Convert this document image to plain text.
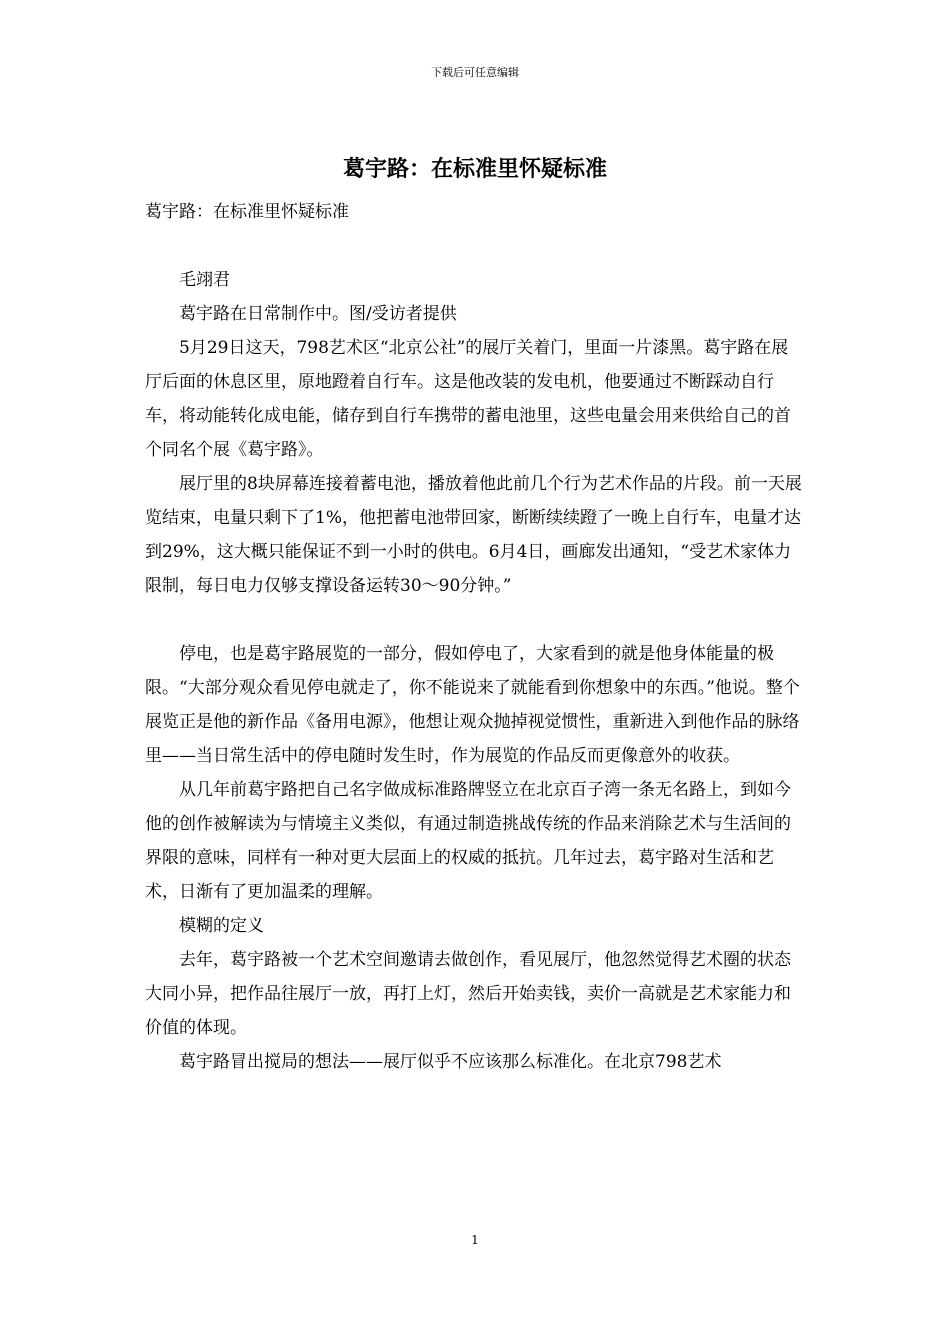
下载后可任意编辑
葛宇路：在标准里怀疑标准

葛宇路：在标准里怀疑标准

毛翊君

葛宇路在日常制作中。图/受访者提供

5月29日这天，798艺术区“北京公社”的展厅关着门，里面一片漆黑。葛宇路在展厅后面的休息区里，原地蹬着自行车。这是他改装的发电机，他要通过不断踩动自行车，将动能转化成电能，储存到自行车携带的蓄电池里，这些电量会用来供给自己的首个同名个展《葛宇路》。

展厅里的8块屏幕连接着蓄电池，播放着他此前几个行为艺术作品的片段。前一天展览结束，电量只剩下了1%，他把蓄电池带回家，断断续续蹬了一晚上自行车，电量才达到29%，这大概只能保证不到一小时的供电。6月4日，画廊发出通知，“受艺术家体力限制，每日电力仅够支撑设备运转30～90分钟。”

停电，也是葛宇路展览的一部分，假如停电了，大家看到的就是他身体能量的极限。“大部分观众看见停电就走了，你不能说来了就能看到你想象中的东西。”他说。整个展览正是他的新作品《备用电源》，他想让观众抛掉视觉惯性，重新进入到他作品的脉络里——当日常生活中的停电随时发生时，作为展览的作品反而更像意外的收获。

从几年前葛宇路把自己名字做成标准路牌竖立在北京百子湾一条无名路上，到如今他的创作被解读为与情境主义类似，有通过制造挑战传统的作品来消除艺术与生活间的界限的意味，同样有一种对更大层面上的权威的抵抗。几年过去，葛宇路对生活和艺术，日渐有了更加温柔的理解。

模糊的定义

去年，葛宇路被一个艺术空间邀请去做创作，看见展厅，他忽然觉得艺术圈的状态大同小异，把作品往展厅一放，再打上灯，然后开始卖钱，卖价一高就是艺术家能力和价值的体现。

葛宇路冒出搅局的想法——展厅似乎不应该那么标准化。在北京798艺术

1
